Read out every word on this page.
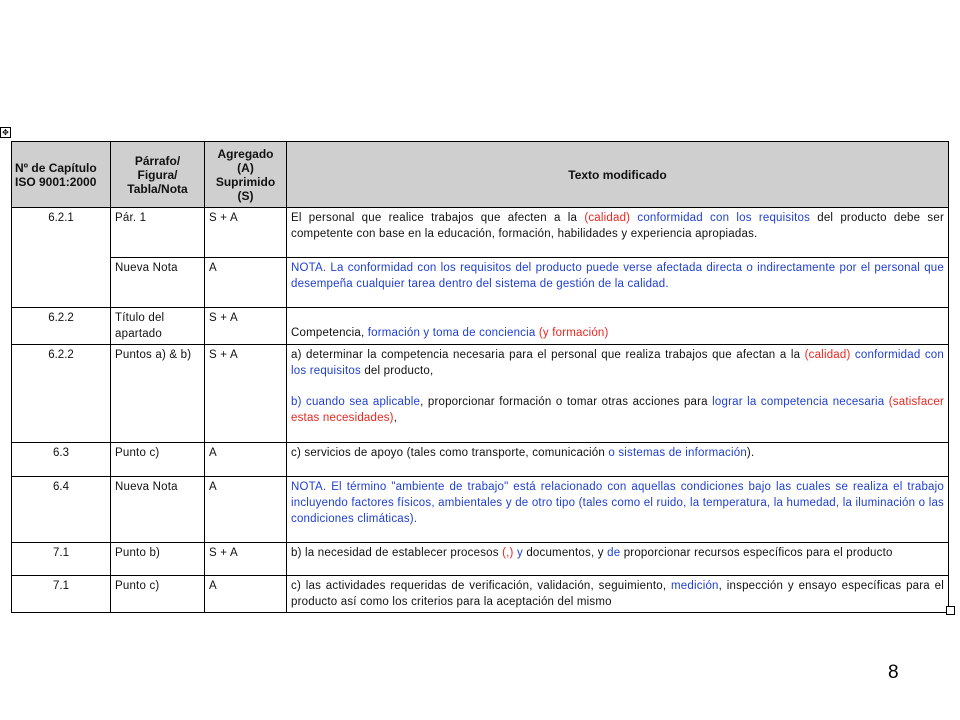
✥
Nº de Capítulo ISO 9001:2000	Párrafo/ Figura/ Tabla/Nota	Agregado (A) Suprimido (S)	Texto modificado
6.2.1	Pár. 1	S + A	El personal que realice trabajos que afecten a la (calidad) conformidad con los requisitos del producto debe ser competente con base en la educación, formación, habilidades y experiencia apropiadas.
	Nueva Nota	A	NOTA. La conformidad con los requisitos del producto puede verse afectada directa o indirectamente por el personal que desempeña cualquier tarea dentro del sistema de gestión de la calidad.
6.2.2	Título del apartado	S + A	Competencia, formación y toma de conciencia (y formación)
6.2.2	Puntos a) & b)	S + A	a) determinar la competencia necesaria para el personal que realiza trabajos que afectan a la (calidad) conformidad con los requisitos del producto,
b) cuando sea aplicable, proporcionar formación o tomar otras acciones para lograr la competencia necesaria (satisfacer estas necesidades),
6.3	Punto c)	A	c) servicios de apoyo (tales como transporte, comunicación o sistemas de información).
6.4	Nueva Nota	A	NOTA. El término "ambiente de trabajo" está relacionado con aquellas condiciones bajo las cuales se realiza el trabajo incluyendo factores físicos, ambientales y de otro tipo (tales como el ruido, la temperatura, la humedad, la iluminación o las condiciones climáticas).
7.1	Punto b)	S + A	b) la necesidad de establecer procesos (,) y documentos, y de proporcionar recursos específicos para el producto
7.1	Punto c)	A	c) las actividades requeridas de verificación, validación, seguimiento, medición, inspección y ensayo específicas para el producto así como los criterios para la aceptación del mismo
8
